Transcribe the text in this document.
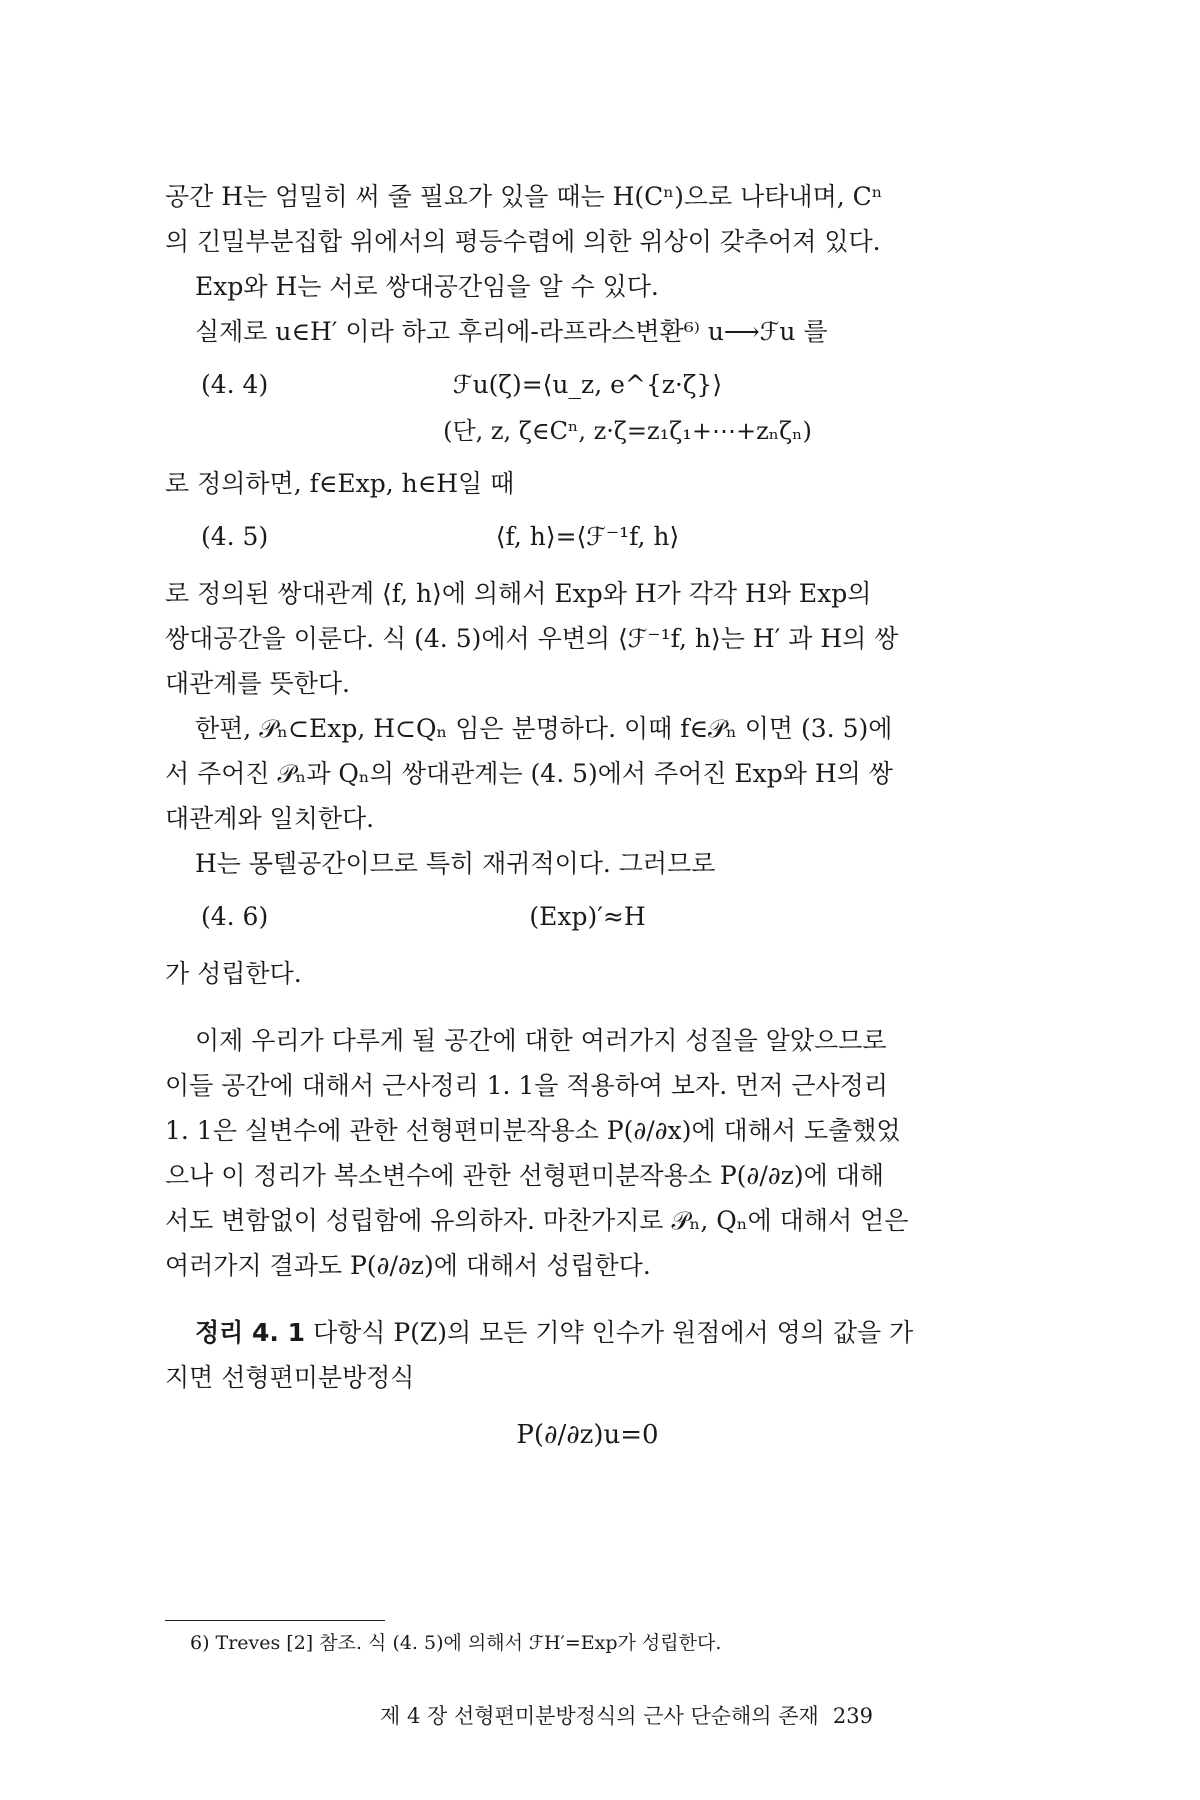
공간 H는 엄밀히 써 줄 필요가 있을 때는 H(Cⁿ)으로 나타내며, Cⁿ
의 긴밀부분집합 위에서의 평등수렴에 의한 위상이 갖추어져 있다.
Exp와 H는 서로 쌍대공간임을 알 수 있다.
실제로 u∈H′ 이라 하고 후리에-라프라스변환⁶⁾ u⟶ℱu 를
(4. 4)	ℱu(ζ)=⟨u_z, e^{z·ζ}⟩
(단, z, ζ∈Cⁿ, z·ζ=z₁ζ₁+⋯+zₙζₙ)
로 정의하면, f∈Exp, h∈H일 때
(4. 5)	⟨f, h⟩=⟨ℱ⁻¹f, h⟩
로 정의된 쌍대관계 ⟨f, h⟩에 의해서 Exp와 H가 각각 H와 Exp의
쌍대공간을 이룬다. 식 (4. 5)에서 우변의 ⟨ℱ⁻¹f, h⟩는 H′ 과 H의 쌍
대관계를 뜻한다.
한편, 𝒫ₙ⊂Exp, H⊂Qₙ 임은 분명하다. 이때 f∈𝒫ₙ 이면 (3. 5)에
서 주어진 𝒫ₙ과 Qₙ의 쌍대관계는 (4. 5)에서 주어진 Exp와 H의 쌍
대관계와 일치한다.
H는 몽텔공간이므로 특히 재귀적이다. 그러므로
(4. 6)	(Exp)′≈H
가 성립한다.
이제 우리가 다루게 될 공간에 대한 여러가지 성질을 알았으므로
이들 공간에 대해서 근사정리 1. 1을 적용하여 보자. 먼저 근사정리
1. 1은 실변수에 관한 선형편미분작용소 P(∂/∂x)에 대해서 도출했었
으나 이 정리가 복소변수에 관한 선형편미분작용소 P(∂/∂z)에 대해
서도 변함없이 성립함에 유의하자. 마찬가지로 𝒫ₙ, Qₙ에 대해서 얻은
여러가지 결과도 P(∂/∂z)에 대해서 성립한다.
정리 4. 1 다항식 P(Z)의 모든 기약 인수가 원점에서 영의 값을 가
지면 선형편미분방정식
P(∂/∂z)u=0
6) Treves [2] 참조. 식 (4. 5)에 의해서 ℱH′=Exp가 성립한다.
제 4 장 선형편미분방정식의 근사 단순해의 존재 239
